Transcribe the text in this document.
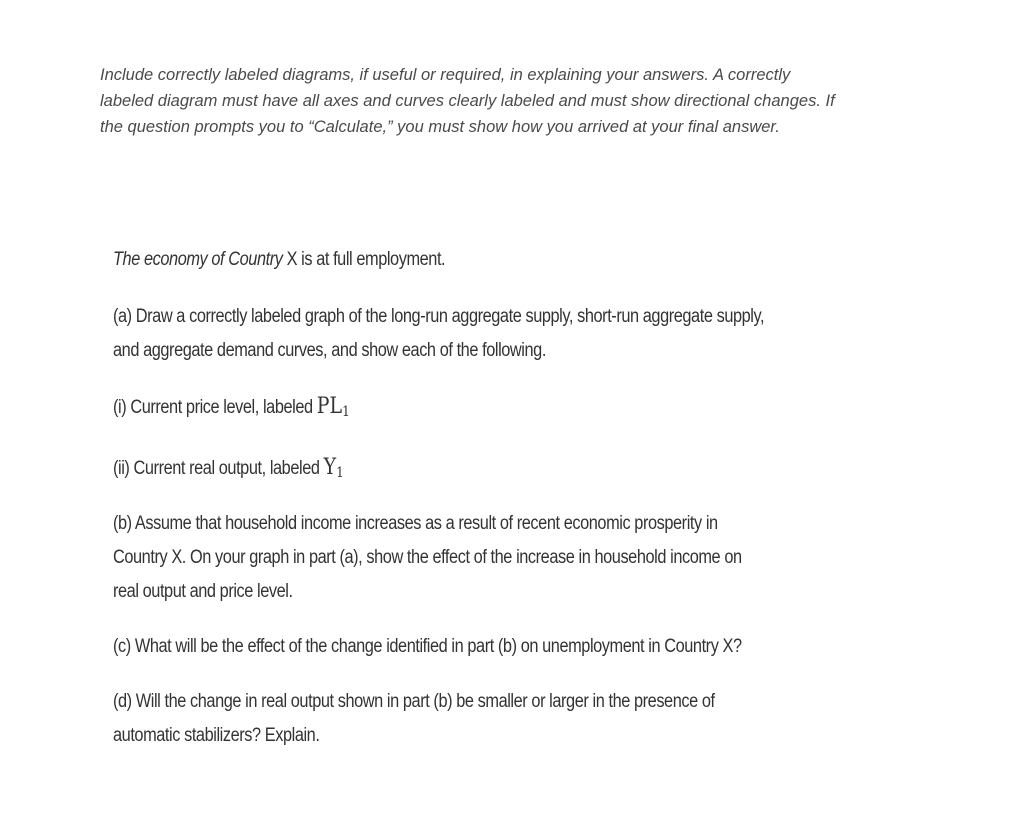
Include correctly labeled diagrams, if useful or required, in explaining your answers. A correctly labeled diagram must have all axes and curves clearly labeled and must show directional changes. If the question prompts you to “Calculate,” you must show how you arrived at your final answer.

The economy of Country X is at full employment.

(a) Draw a correctly labeled graph of the long-run aggregate supply, short-run aggregate supply, and aggregate demand curves, and show each of the following.

(i) Current price level, labeled $PL_1$

(ii) Current real output, labeled $Y_1$

(b) Assume that household income increases as a result of recent economic prosperity in Country X. On your graph in part (a), show the effect of the increase in household income on real output and price level.

(c) What will be the effect of the change identified in part (b) on unemployment in Country X?

(d) Will the change in real output shown in part (b) be smaller or larger in the presence of automatic stabilizers? Explain.
